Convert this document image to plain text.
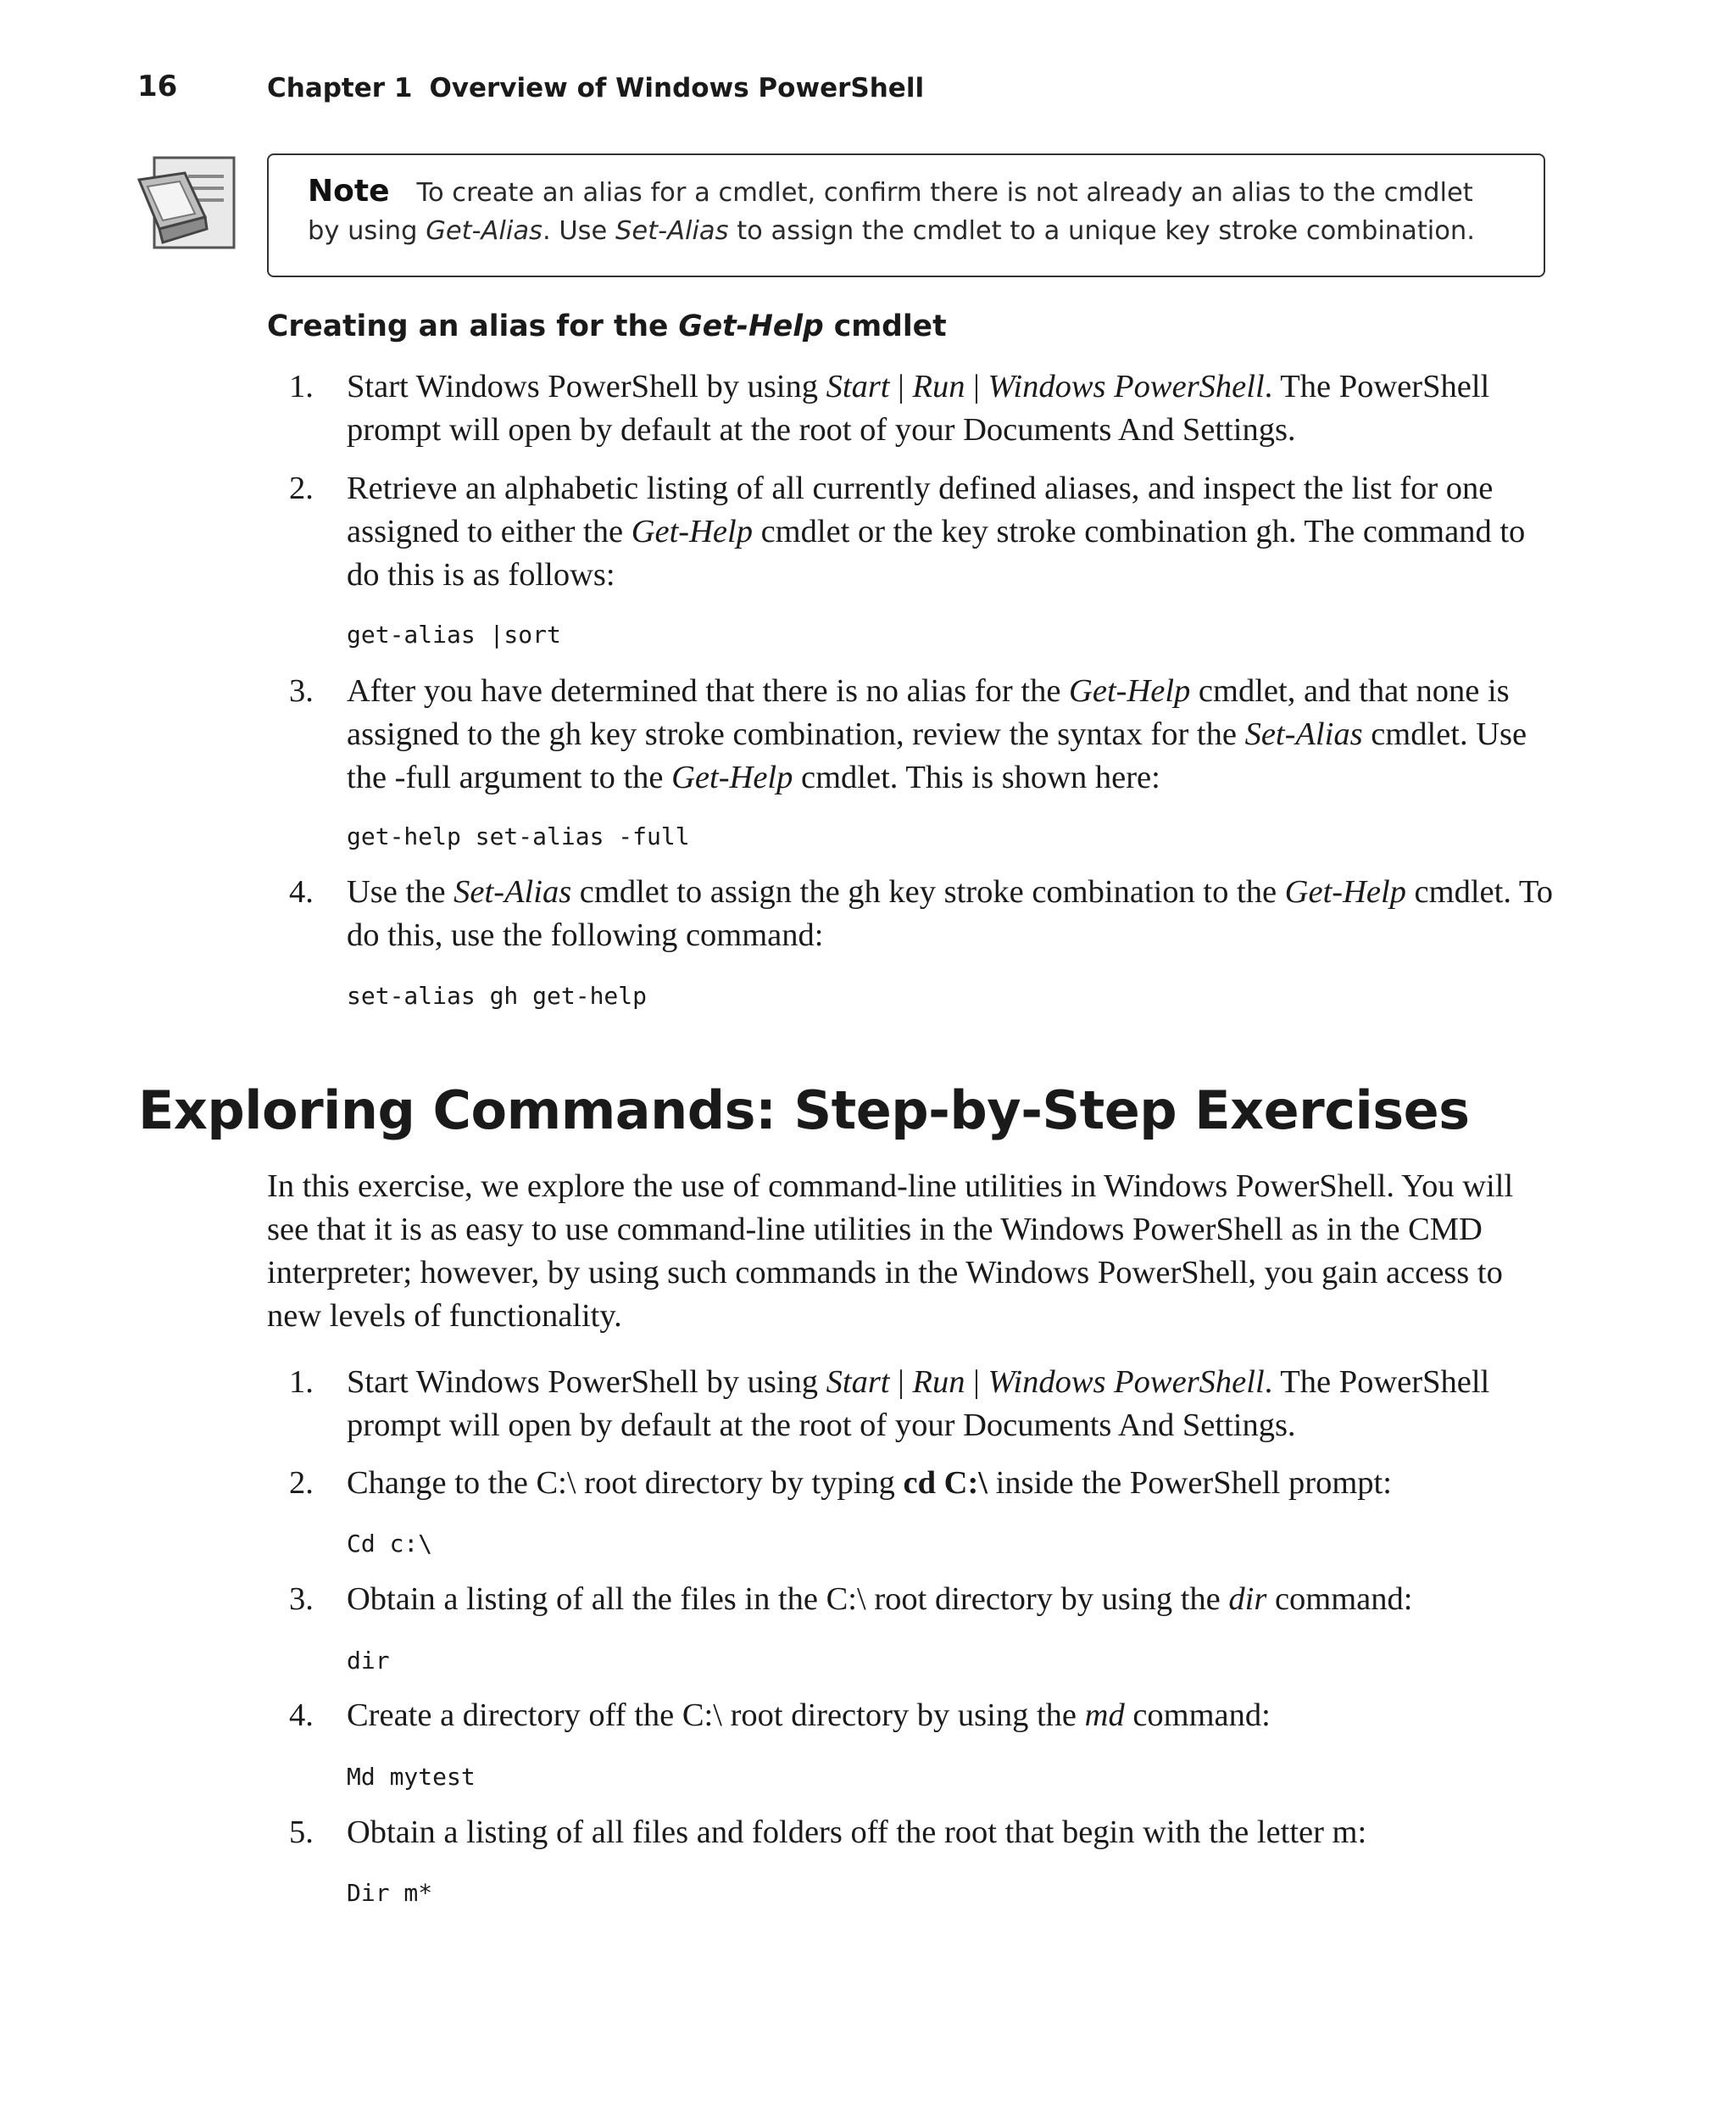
16	Chapter 1 Overview of Windows PowerShell
Note To create an alias for a cmdlet, confirm there is not already an alias to the cmdlet by using Get-Alias. Use Set-Alias to assign the cmdlet to a unique key stroke combination.
Creating an alias for the Get-Help cmdlet
1.	Start Windows PowerShell by using Start | Run | Windows PowerShell. The PowerShell prompt will open by default at the root of your Documents And Settings.
2.	Retrieve an alphabetic listing of all currently defined aliases, and inspect the list for one assigned to either the Get-Help cmdlet or the key stroke combination gh. The command to do this is as follows:
get-alias |sort
3.	After you have determined that there is no alias for the Get-Help cmdlet, and that none is assigned to the gh key stroke combination, review the syntax for the Set-Alias cmdlet. Use the -full argument to the Get-Help cmdlet. This is shown here:
get-help set-alias -full
4.	Use the Set-Alias cmdlet to assign the gh key stroke combination to the Get-Help cmdlet. To do this, use the following command:
set-alias gh get-help
Exploring Commands: Step-by-Step Exercises
In this exercise, we explore the use of command-line utilities in Windows PowerShell. You will see that it is as easy to use command-line utilities in the Windows PowerShell as in the CMD interpreter; however, by using such commands in the Windows PowerShell, you gain access to new levels of functionality.
1.	Start Windows PowerShell by using Start | Run | Windows PowerShell. The PowerShell prompt will open by default at the root of your Documents And Settings.
2.	Change to the C:\ root directory by typing cd C:\ inside the PowerShell prompt:
Cd c:\
3.	Obtain a listing of all the files in the C:\ root directory by using the dir command:
dir
4.	Create a directory off the C:\ root directory by using the md command:
Md mytest
5.	Obtain a listing of all files and folders off the root that begin with the letter m:
Dir m*
